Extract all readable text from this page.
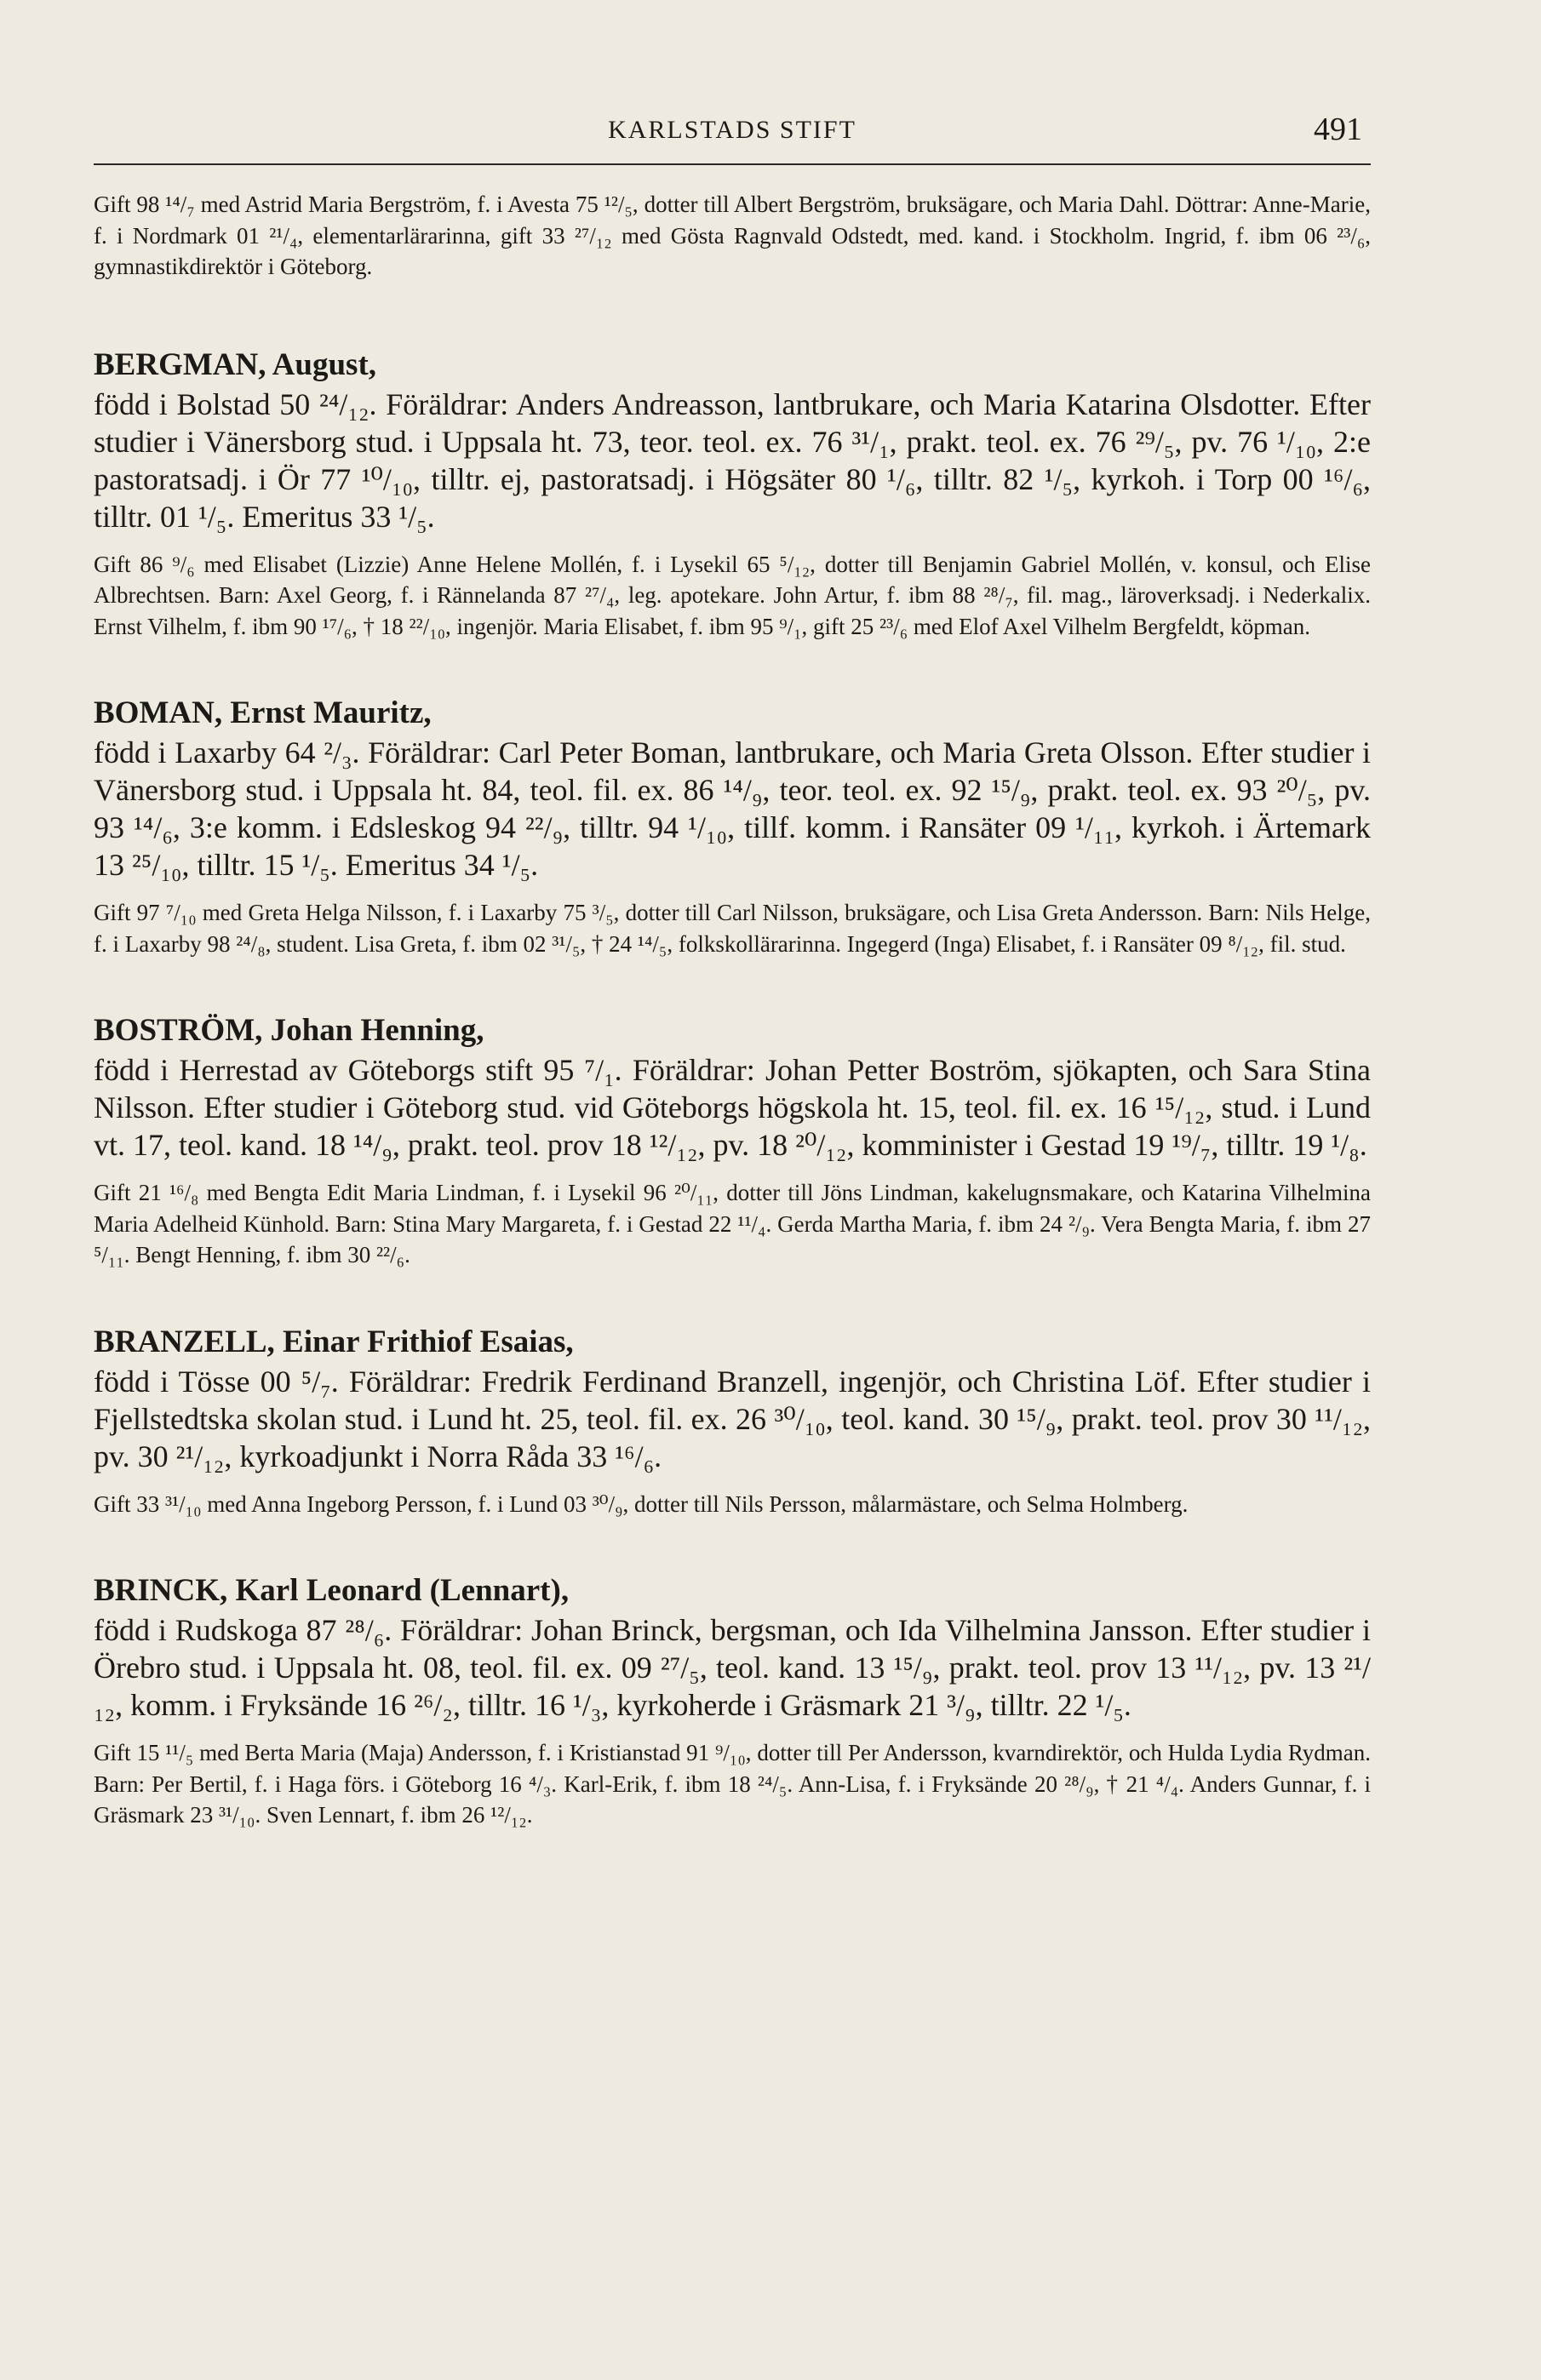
KARLSTADS STIFT	491

Gift 98 ¹⁴/₇ med Astrid Maria Bergström, f. i Avesta 75 ¹²/₅, dotter till Albert Bergström, bruksägare, och Maria Dahl. Döttrar: Anne-Marie, f. i Nordmark 01 ²¹/₄, elementarlärarinna, gift 33 ²⁷/₁₂ med Gösta Ragnvald Odstedt, med. kand. i Stockholm. Ingrid, f. ibm 06 ²³/₆, gymnastikdirektör i Göteborg.

BERGMAN, August,

född i Bolstad 50 ²⁴/₁₂. Föräldrar: Anders Andreasson, lantbrukare, och Maria Katarina Olsdotter. Efter studier i Vänersborg stud. i Uppsala ht. 73, teor. teol. ex. 76 ³¹/₁, prakt. teol. ex. 76 ²⁹/₅, pv. 76 ¹/₁₀, 2:e pastoratsadj. i Ör 77 ¹⁰/₁₀, tilltr. ej, pastoratsadj. i Högsäter 80 ¹/₆, tilltr. 82 ¹/₅, kyrkoh. i Torp 00 ¹⁶/₆, tilltr. 01 ¹/₅. Emeritus 33 ¹/₅.

Gift 86 ⁹/₆ med Elisabet (Lizzie) Anne Helene Mollén, f. i Lysekil 65 ⁵/₁₂, dotter till Benjamin Gabriel Mollén, v. konsul, och Elise Albrechtsen. Barn: Axel Georg, f. i Rännelanda 87 ²⁷/₄, leg. apotekare. John Artur, f. ibm 88 ²⁸/₇, fil. mag., läroverksadj. i Nederkalix. Ernst Vilhelm, f. ibm 90 ¹⁷/₆, † 18 ²²/₁₀, ingenjör. Maria Elisabet, f. ibm 95 ⁹/₁, gift 25 ²³/₆ med Elof Axel Vilhelm Bergfeldt, köpman.

BOMAN, Ernst Mauritz,

född i Laxarby 64 ²/₃. Föräldrar: Carl Peter Boman, lantbrukare, och Maria Greta Olsson. Efter studier i Vänersborg stud. i Uppsala ht. 84, teol. fil. ex. 86 ¹⁴/₉, teor. teol. ex. 92 ¹⁵/₉, prakt. teol. ex. 93 ²⁰/₅, pv. 93 ¹⁴/₆, 3:e komm. i Edsleskog 94 ²²/₉, tilltr. 94 ¹/₁₀, tillf. komm. i Ransäter 09 ¹/₁₁, kyrkoh. i Ärtemark 13 ²⁵/₁₀, tilltr. 15 ¹/₅. Emeritus 34 ¹/₅.

Gift 97 ⁷/₁₀ med Greta Helga Nilsson, f. i Laxarby 75 ³/₅, dotter till Carl Nilsson, bruksägare, och Lisa Greta Andersson. Barn: Nils Helge, f. i Laxarby 98 ²⁴/₈, student. Lisa Greta, f. ibm 02 ³¹/₅, † 24 ¹⁴/₅, folkskollärarinna. Ingegerd (Inga) Elisabet, f. i Ransäter 09 ⁸/₁₂, fil. stud.

BOSTRÖM, Johan Henning,

född i Herrestad av Göteborgs stift 95 ⁷/₁. Föräldrar: Johan Petter Boström, sjökapten, och Sara Stina Nilsson. Efter studier i Göteborg stud. vid Göteborgs högskola ht. 15, teol. fil. ex. 16 ¹⁵/₁₂, stud. i Lund vt. 17, teol. kand. 18 ¹⁴/₉, prakt. teol. prov 18 ¹²/₁₂, pv. 18 ²⁰/₁₂, komminister i Gestad 19 ¹⁹/₇, tilltr. 19 ¹/₈.

Gift 21 ¹⁶/₈ med Bengta Edit Maria Lindman, f. i Lysekil 96 ²⁰/₁₁, dotter till Jöns Lindman, kakelugnsmakare, och Katarina Vilhelmina Maria Adelheid Künhold. Barn: Stina Mary Margareta, f. i Gestad 22 ¹¹/₄. Gerda Martha Maria, f. ibm 24 ²/₉. Vera Bengta Maria, f. ibm 27 ⁵/₁₁. Bengt Henning, f. ibm 30 ²²/₆.

BRANZELL, Einar Frithiof Esaias,

född i Tösse 00 ⁵/₇. Föräldrar: Fredrik Ferdinand Branzell, ingenjör, och Christina Löf. Efter studier i Fjellstedtska skolan stud. i Lund ht. 25, teol. fil. ex. 26 ³⁰/₁₀, teol. kand. 30 ¹⁵/₉, prakt. teol. prov 30 ¹¹/₁₂, pv. 30 ²¹/₁₂, kyrkoadjunkt i Norra Råda 33 ¹⁶/₆.

Gift 33 ³¹/₁₀ med Anna Ingeborg Persson, f. i Lund 03 ³⁰/₉, dotter till Nils Persson, målarmästare, och Selma Holmberg.

BRINCK, Karl Leonard (Lennart),

född i Rudskoga 87 ²⁸/₆. Föräldrar: Johan Brinck, bergsman, och Ida Vilhelmina Jansson. Efter studier i Örebro stud. i Uppsala ht. 08, teol. fil. ex. 09 ²⁷/₅, teol. kand. 13 ¹⁵/₉, prakt. teol. prov 13 ¹¹/₁₂, pv. 13 ²¹/₁₂, komm. i Fryksände 16 ²⁶/₂, tilltr. 16 ¹/₃, kyrkoherde i Gräsmark 21 ³/₉, tilltr. 22 ¹/₅.

Gift 15 ¹¹/₅ med Berta Maria (Maja) Andersson, f. i Kristianstad 91 ⁹/₁₀, dotter till Per Andersson, kvarndirektör, och Hulda Lydia Rydman. Barn: Per Bertil, f. i Haga förs. i Göteborg 16 ⁴/₃. Karl-Erik, f. ibm 18 ²⁴/₅. Ann-Lisa, f. i Fryksände 20 ²⁸/₉, † 21 ⁴/₄. Anders Gunnar, f. i Gräsmark 23 ³¹/₁₀. Sven Lennart, f. ibm 26 ¹²/₁₂.
